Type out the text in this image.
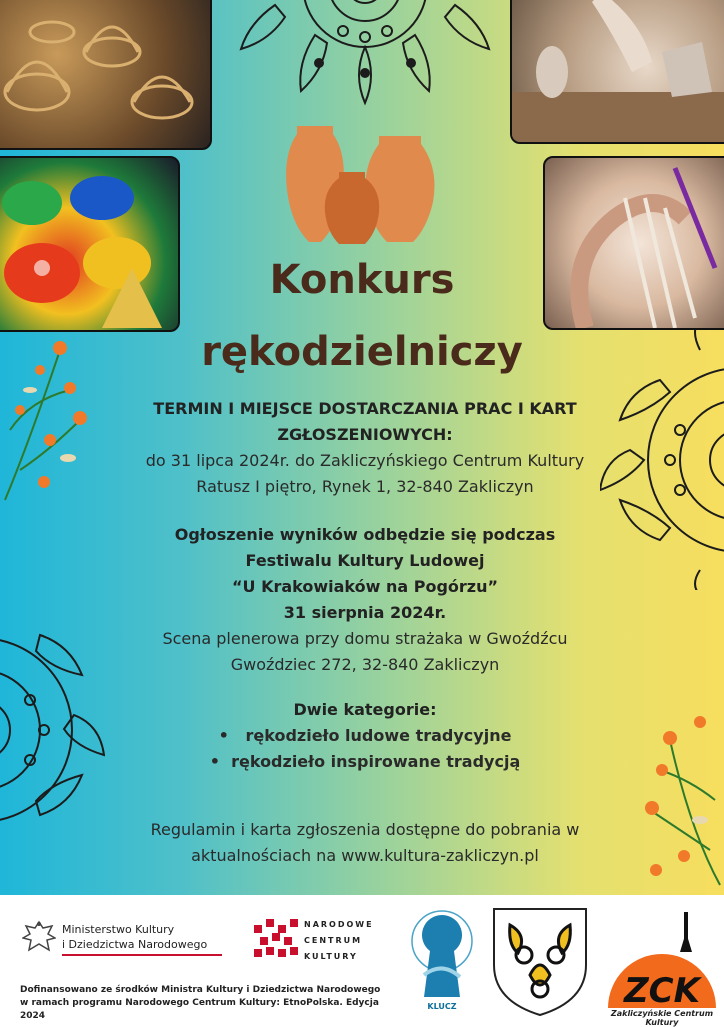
Konkurs
rękodzielniczy
TERMIN I MIEJSCE DOSTARCZANIA PRAC I KART
ZGŁOSZENIOWYCH:
do 31 lipca 2024r. do Zakliczyńskiego Centrum Kultury
Ratusz I piętro, Rynek 1, 32-840 Zakliczyn
Ogłoszenie wyników odbędzie się podczas
Festiwalu Kultury Ludowej
“U Krakowiaków na Pogórzu”
31 sierpnia 2024r.
Scena plenerowa przy domu strażaka w Gwoźdźcu
Gwoździec 272, 32-840 Zakliczyn
Dwie kategorie:
•   rękodzieło ludowe tradycyjne
•  rękodzieło inspirowane tradycją
Regulamin i karta zgłoszenia dostępne do pobrania w
aktualnościach na www.kultura-zakliczyn.pl
Ministerstwo Kultury
i Dziedzictwa Narodowego
NARODOWE
CENTRUM
KULTURY
KLUCZ	ZCK
Zakliczyńskie Centrum Kultury
Dofinansowano ze środków Ministra Kultury i Dziedzictwa Narodowego
w ramach programu Narodowego Centrum Kultury: EtnoPolska. Edycja 2024
